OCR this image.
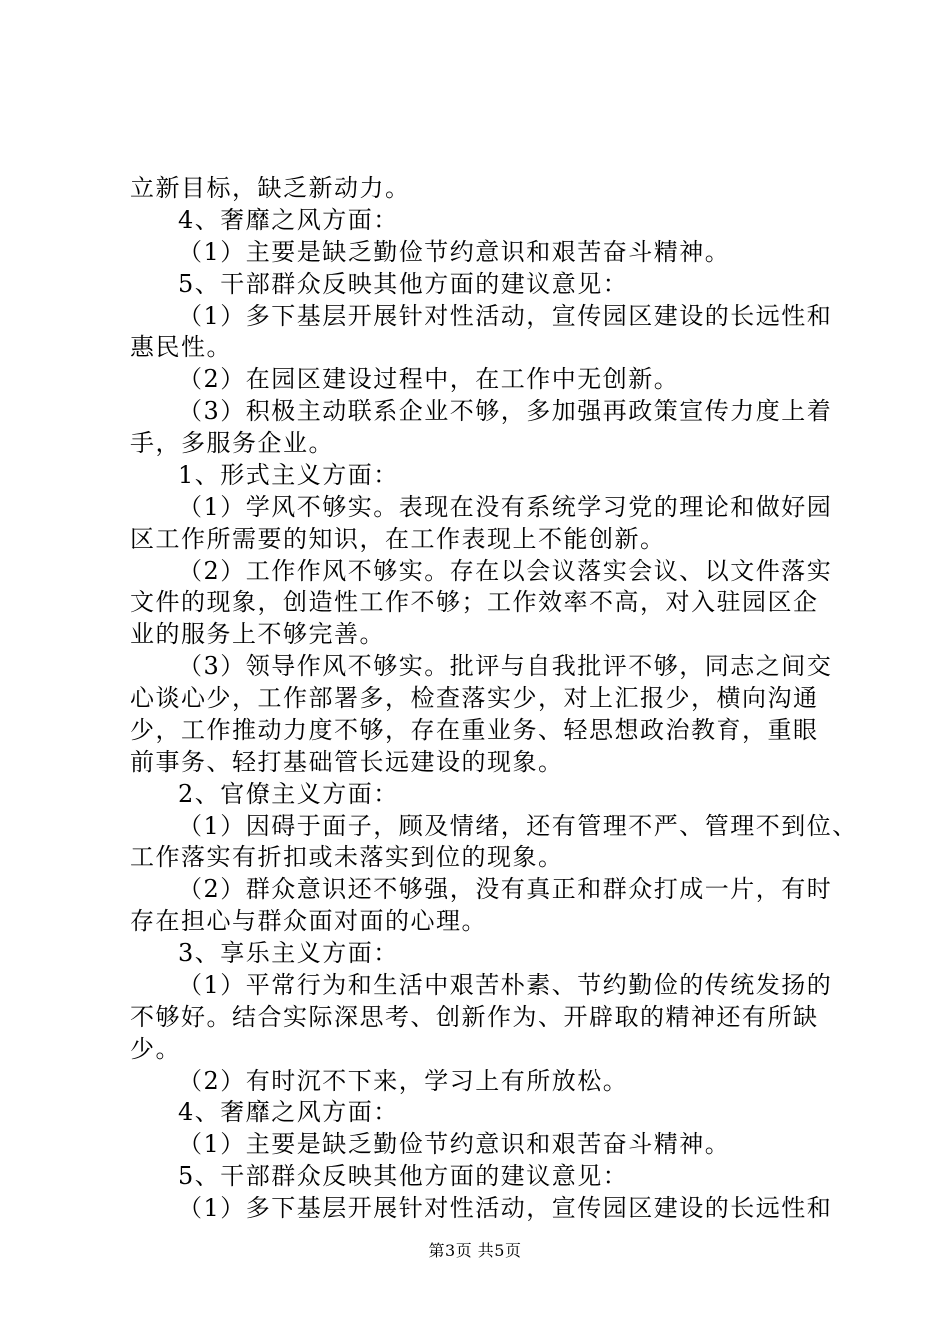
立新目标，缺乏新动力。
4、奢靡之风方面：
（1）主要是缺乏勤俭节约意识和艰苦奋斗精神。
5、干部群众反映其他方面的建议意见：
（1）多下基层开展针对性活动，宣传园区建设的长远性和
惠民性。
（2）在园区建设过程中，在工作中无创新。
（3）积极主动联系企业不够，多加强再政策宣传力度上着
手，多服务企业。
1、形式主义方面：
（1）学风不够实。表现在没有系统学习党的理论和做好园
区工作所需要的知识，在工作表现上不能创新。
（2）工作作风不够实。存在以会议落实会议、以文件落实
文件的现象，创造性工作不够；工作效率不高，对入驻园区企
业的服务上不够完善。
（3）领导作风不够实。批评与自我批评不够，同志之间交
心谈心少，工作部署多，检查落实少，对上汇报少，横向沟通
少，工作推动力度不够，存在重业务、轻思想政治教育，重眼
前事务、轻打基础管长远建设的现象。
2、官僚主义方面：
（1）因碍于面子，顾及情绪，还有管理不严、管理不到位、
工作落实有折扣或未落实到位的现象。
（2）群众意识还不够强，没有真正和群众打成一片，有时
存在担心与群众面对面的心理。
3、享乐主义方面：
（1）平常行为和生活中艰苦朴素、节约勤俭的传统发扬的
不够好。结合实际深思考、创新作为、开辟取的精神还有所缺
少。
（2）有时沉不下来，学习上有所放松。
4、奢靡之风方面：
（1）主要是缺乏勤俭节约意识和艰苦奋斗精神。
5、干部群众反映其他方面的建议意见：
（1）多下基层开展针对性活动，宣传园区建设的长远性和
第3页 共5页
